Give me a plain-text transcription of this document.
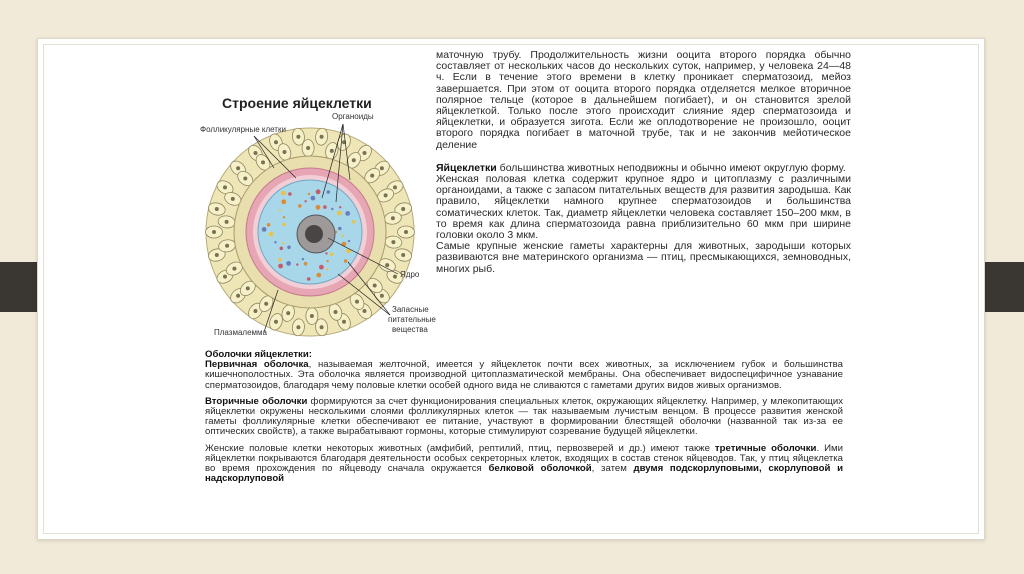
Строение яйцеклетки
Фолликулярные клетки
Органоиды
Ядро
Запасные
питательные
вещества
Плазмалемма

маточную трубу. Продолжительность жизни ооцита второго порядка обычно составляет от нескольких часов до нескольких суток, например, у человека 24—48 ч. Если в течение этого времени в клетку проникает сперматозоид, мейоз завершается. При этом от ооцита второго порядка отделяется мелкое вторичное полярное тельце (которое в дальнейшем погибает), и он становится зрелой яйцеклеткой. Только после этого происходит слияние ядер сперматозоида и яйцеклетки, и образуется зигота. Если же оплодотворение не произошло, ооцит второго порядка погибает в маточной трубе, так и не закончив мейотическое деление

Яйцеклетки большинства животных неподвижны и обычно имеют округлую форму.

Женская половая клетка содержит крупное ядро и цитоплазму с различными органоидами, а также с запасом питательных веществ для развития зародыша. Как правило, яйцеклетки намного крупнее сперматозоидов и большинства соматических клеток. Так, диаметр яйцеклетки человека составляет 150–200 мкм, в то время как длина сперматозоида равна приблизительно 60 мкм при ширине головки около 3 мкм.

Самые крупные женские гаметы характерны для животных, зародыши которых развиваются вне материнского организма — птиц, пресмыкающихся, земноводных, многих рыб.

Оболочки яйцеклетки:

Первичная оболочка, называемая желточной, имеется у яйцеклеток почти всех животных, за исключением губок и большинства кишечнополостных. Эта оболочка является производной цитоплазматической мембраны. Она обеспечивает видоспецифичное узнавание сперматозоидов, благодаря чему половые клетки особей одного вида не сливаются с гаметами других видов живых организмов.

Вторичные оболочки формируются за счет функционирования специальных клеток, окружающих яйцеклетку. Например, у млекопитающих яйцеклетки окружены несколькими слоями фолликулярных клеток — так называемым лучистым венцом. В процессе развития женской гаметы фолликулярные клетки обеспечивают ее питание, участвуют в формировании блестящей оболочки (названной так из-за ее оптических свойств), а также вырабатывают гормоны, которые стимулируют созревание будущей яйцеклетки.

Женские половые клетки некоторых животных (амфибий, рептилий, птиц, первозверей и др.) имеют также третичные оболочки. Ими яйцеклетки покрываются благодаря деятельности особых секреторных клеток, входящих в состав стенок яйцеводов. Так, у птиц яйцеклетка во время прохождения по яйцеводу сначала окружается белковой оболочкой, затем двумя подскорлуповыми, скорлуповой и надскорлуповой
